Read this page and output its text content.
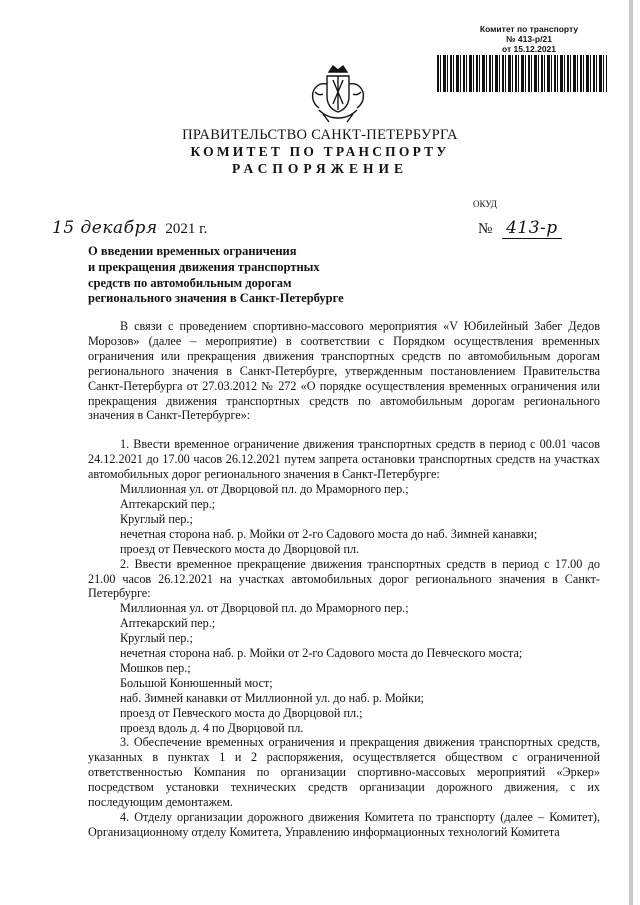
Комитет по транспорту
№ 413-р/21
от 15.12.2021
ПРАВИТЕЛЬСТВО САНКТ-ПЕТЕРБУРГА
КОМИТЕТ ПО ТРАНСПОРТУ
РАСПОРЯЖЕНИЕ
ОКУД
15 декабря 2021 г.	№ 413-р
О введении временных ограничения
и прекращения движения транспортных
средств по автомобильным дорогам
регионального значения в Санкт-Петербурге

В связи с проведением спортивно-массового мероприятия «V Юбилейный Забег Дедов Морозов» (далее – мероприятие) в соответствии с Порядком осуществления временных ограничения или прекращения движения транспортных средств по автомобильным дорогам регионального значения в Санкт-Петербурге, утвержденным постановлением Правительства Санкт-Петербурга от 27.03.2012 № 272 «О порядке осуществления временных ограничения или прекращения движения транспортных средств по автомобильным дорогам регионального значения в Санкт-Петербурге»:

1. Ввести временное ограничение движения транспортных средств в период с 00.01 часов 24.12.2021 до 17.00 часов 26.12.2021 путем запрета остановки транспортных средств на участках автомобильных дорог регионального значения в Санкт-Петербурге:

Миллионная ул. от Дворцовой пл. до Мраморного пер.;

Аптекарский пер.;

Круглый пер.;

нечетная сторона наб. р. Мойки от 2-го Садового моста до наб. Зимней канавки;

проезд от Певческого моста до Дворцовой пл.

2. Ввести временное прекращение движения транспортных средств в период с 17.00 до 21.00 часов 26.12.2021 на участках автомобильных дорог регионального значения в Санкт-Петербурге:

Миллионная ул. от Дворцовой пл. до Мраморного пер.;

Аптекарский пер.;

Круглый пер.;

нечетная сторона наб. р. Мойки от 2-го Садового моста до Певческого моста;

Мошков пер.;

Большой Конюшенный мост;

наб. Зимней канавки от Миллионной ул. до наб. р. Мойки;

проезд от Певческого моста до Дворцовой пл.;

проезд вдоль д. 4 по Дворцовой пл.

3. Обеспечение временных ограничения и прекращения движения транспортных средств, указанных в пунктах 1 и 2 распоряжения, осуществляется обществом с ограниченной ответственностью Компания по организации спортивно-массовых мероприятий «Эркер» посредством установки технических средств организации дорожного движения, с их последующим демонтажем.

4. Отделу организации дорожного движения Комитета по транспорту (далее – Комитет), Организационному отделу Комитета, Управлению информационных технологий Комитета
